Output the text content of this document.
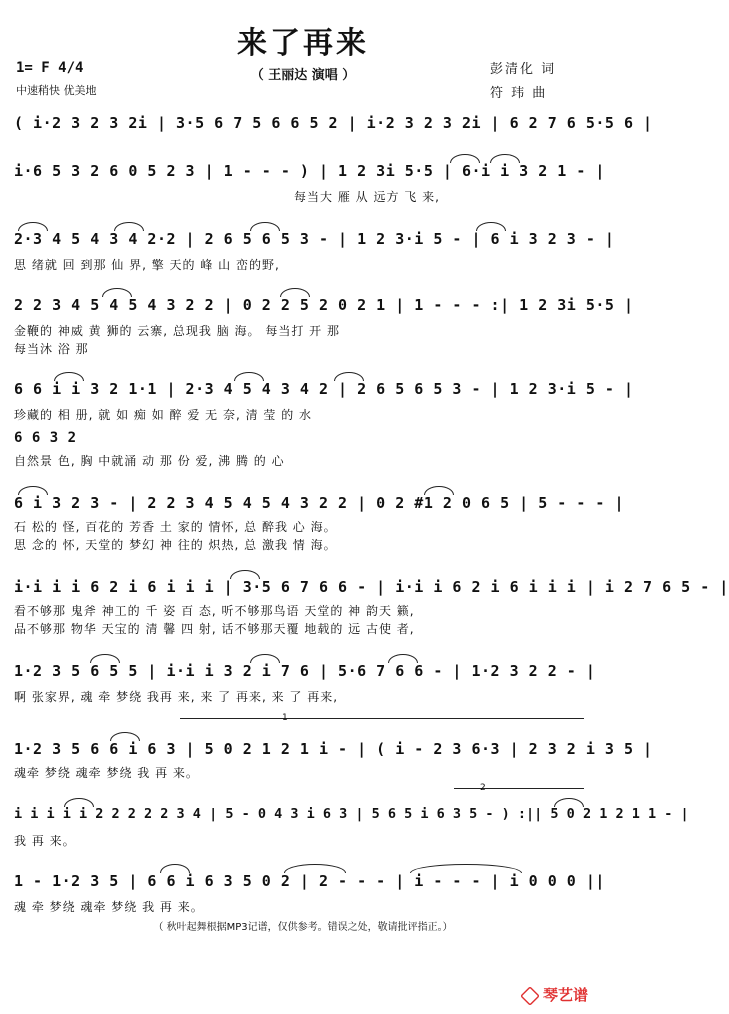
来了再来
（ 王丽达 演唱 ）
1= F 4/4
中速稍快 优美地
彭清化 词
符 玮 曲
( i·2 3 2 3 2i | 3·5 6 7 5 6 6 5 2 | i·2 3 2 3 2i | 6 2 7 6 5·5 6 |
i·6 5 3 2 6 0 5 2 3 | 1 - - - ) | 1 2 3i 5·5 | 6·i i 3 2 1 - |
每当大 雁 从 远方 飞 来,
2·3 4 5 4 3 4 2·2 | 2 6 5 6 5 3 - | 1 2 3·i 5 - | 6 i 3 2 3 - |
思 绪就 回 到那 仙 界, 擎 天的 峰 山 峦的野,
2 2 3 4 5 4 5 4 3 2 2 | 0 2 2 5 2 0 2 1 | 1 - - - :| 1 2 3i 5·5 |
金鞭的 神威 黄 狮的 云寨, 总现我 脑 海。 每当打 开 那
每当沐 浴 那
6 6 i i 3 2 1·1 | 2·3 4 5 4 3 4 2 | 2 6 5 6 5 3 - | 1 2 3·i 5 - |
珍藏的 相 册, 就 如 痴 如 醉 爱 无 奈, 清 莹 的 水
6 6 3 2
自然景 色, 胸 中就涌 动 那 份 爱, 沸 腾 的 心
6 i 3 2 3 - | 2 2 3 4 5 4 5 4 3 2 2 | 0 2 #1 2 0 6 5 | 5 - - - |
石 松的 怪, 百花的 芳香 土 家的 情怀, 总 醉我 心 海。
思 念的 怀, 天堂的 梦幻 神 往的 炽热, 总 激我 情 海。
i·i i i 6 2 i 6 i i i | 3·5 6 7 6 6 - | i·i i 6 2 i 6 i i i | i 2 7 6 5 - |
看不够那 鬼斧 神工的 千 姿 百 态, 听不够那鸟语 天堂的 神 韵天 籁,
品不够那 物华 天宝的 清 馨 四 射, 话不够那天覆 地载的 远 古使 者,
1·2 3 5 6 5 5 | i·i i 3 2 i 7 6 | 5·6 7 6 6 - | 1·2 3 2 2 - |
啊 张家界, 魂 牵 梦绕 我再 来, 来 了 再来, 来 了 再来,
1
1·2 3 5 6 6 i 6 3 | 5 0 2 1 2 1 i - | ( i - 2 3 6·3 | 2 3 2 i 3 5 |
魂牵 梦绕 魂牵 梦绕 我 再 来。
2
i i i i i 2 2 2 2 2 3 4 | 5 - 0 4 3 i 6 3 | 5 6 5 i 6 3 5 - ) :|| 5 0 2 1 2 1 1 - |
我 再 来。
1 - 1·2 3 5 | 6 6 i 6 3 5 0 2 | 2 - - - | i - - - | i 0 0 0 ||
魂 牵 梦绕 魂牵 梦绕 我 再 来。
（ 秋叶起舞根据MP3记谱，仅供参考。错误之处，敬请批评指正。）
琴艺谱
